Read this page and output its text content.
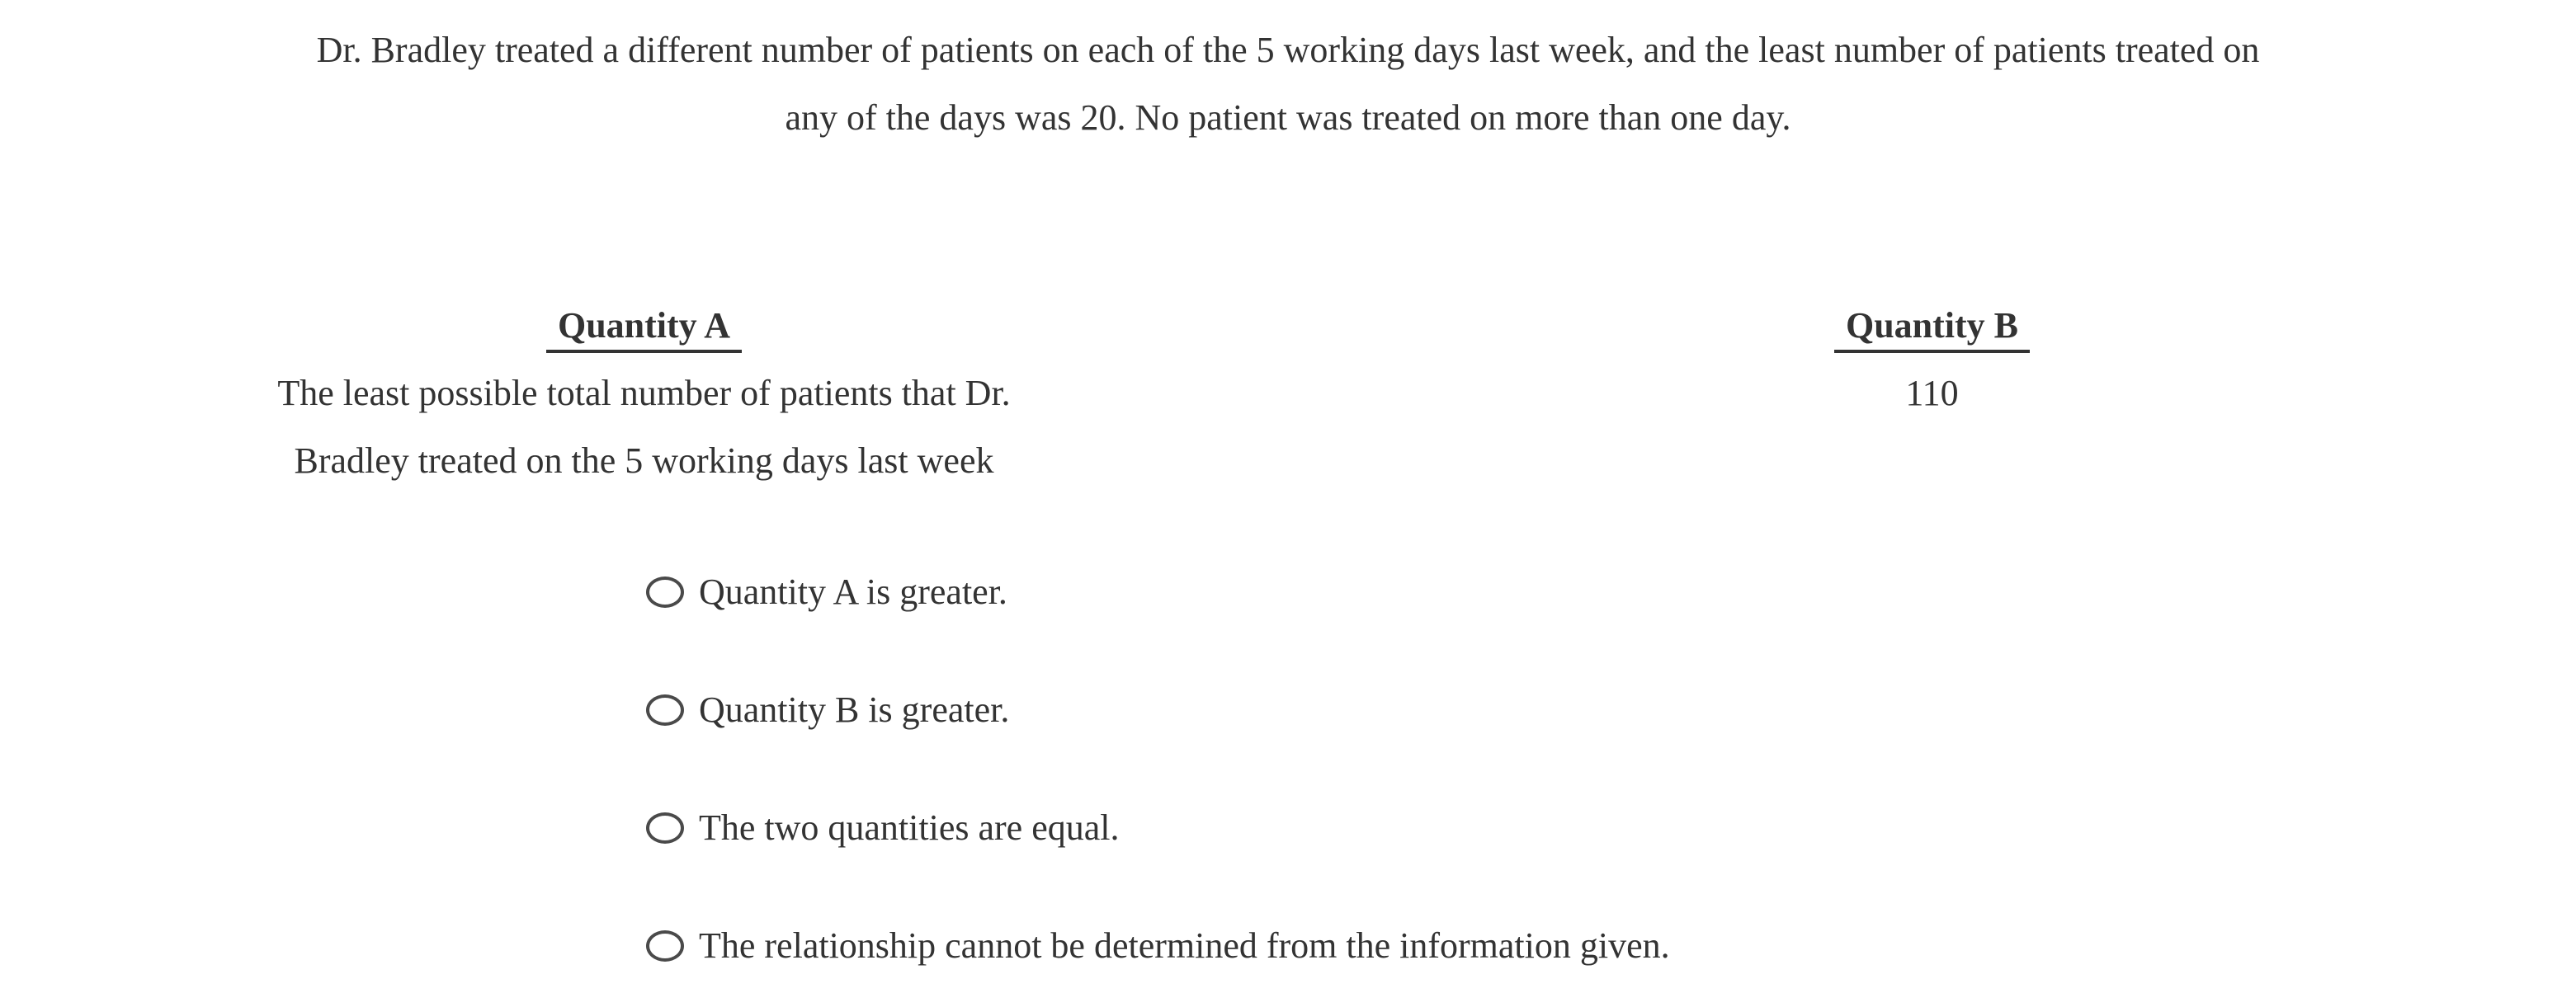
Dr. Bradley treated a different number of patients on each of the 5 working days last week, and the least number of patients treated on
any of the days was 20. No patient was treated on more than one day.
Quantity A
The least possible total number of patients that Dr.
Bradley treated on the 5 working days last week
Quantity B
110
Quantity A is greater.
Quantity B is greater.
The two quantities are equal.
The relationship cannot be determined from the information given.
